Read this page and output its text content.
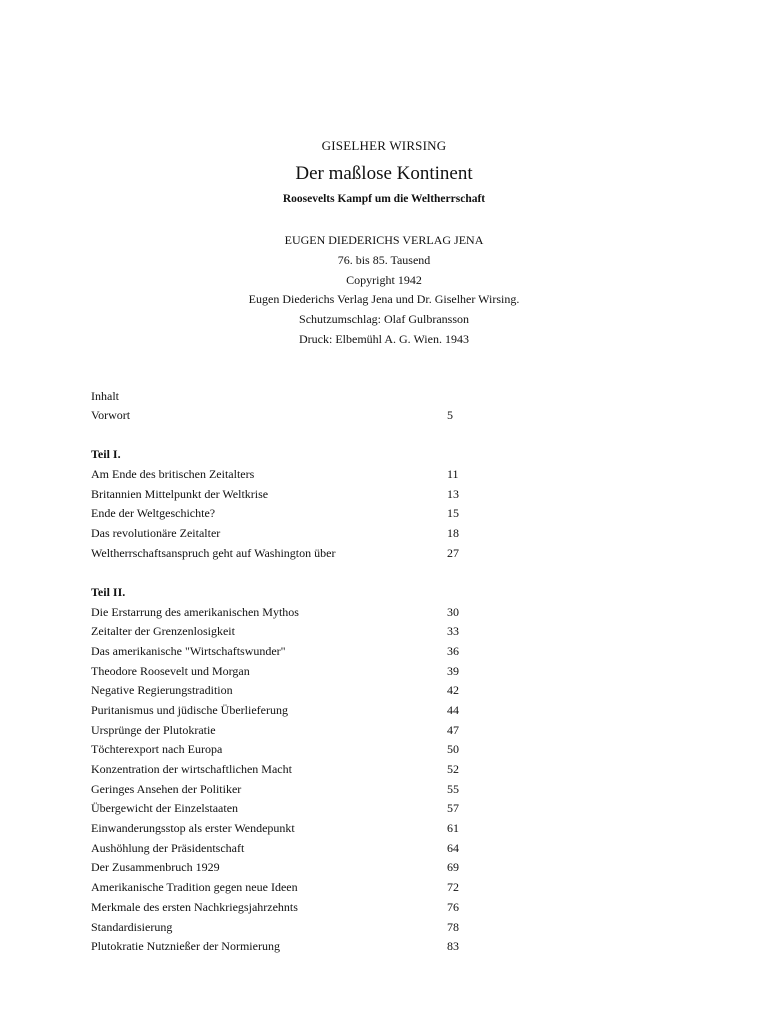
GISELHER WIRSING
Der maßlose Kontinent
Roosevelts Kampf um die Weltherrschaft
EUGEN DIEDERICHS VERLAG JENA
76. bis 85. Tausend
Copyright 1942
Eugen Diederichs Verlag Jena und Dr. Giselher Wirsing.
Schutzumschlag: Olaf Gulbransson
Druck: Elbemühl A. G. Wien. 1943
Inhalt
Vorwort	5
Teil I.
Am Ende des britischen Zeitalters	11
Britannien Mittelpunkt der Weltkrise	13
Ende der Weltgeschichte?	15
Das revolutionäre Zeitalter	18
Weltherrschaftsanspruch geht auf Washington über	27
Teil II.
Die Erstarrung des amerikanischen Mythos	30
Zeitalter der Grenzenlosigkeit	33
Das amerikanische "Wirtschaftswunder"	36
Theodore Roosevelt und Morgan	39
Negative Regierungstradition	42
Puritanismus und jüdische Überlieferung	44
Ursprünge der Plutokratie	47
Töchterexport nach Europa	50
Konzentration der wirtschaftlichen Macht	52
Geringes Ansehen der Politiker	55
Übergewicht der Einzelstaaten	57
Einwanderungsstop als erster Wendepunkt	61
Aushöhlung der Präsidentschaft	64
Der Zusammenbruch 1929	69
Amerikanische Tradition gegen neue Ideen	72
Merkmale des ersten Nachkriegsjahrzehnts	76
Standardisierung	78
Plutokratie Nutznießer der Normierung	83
